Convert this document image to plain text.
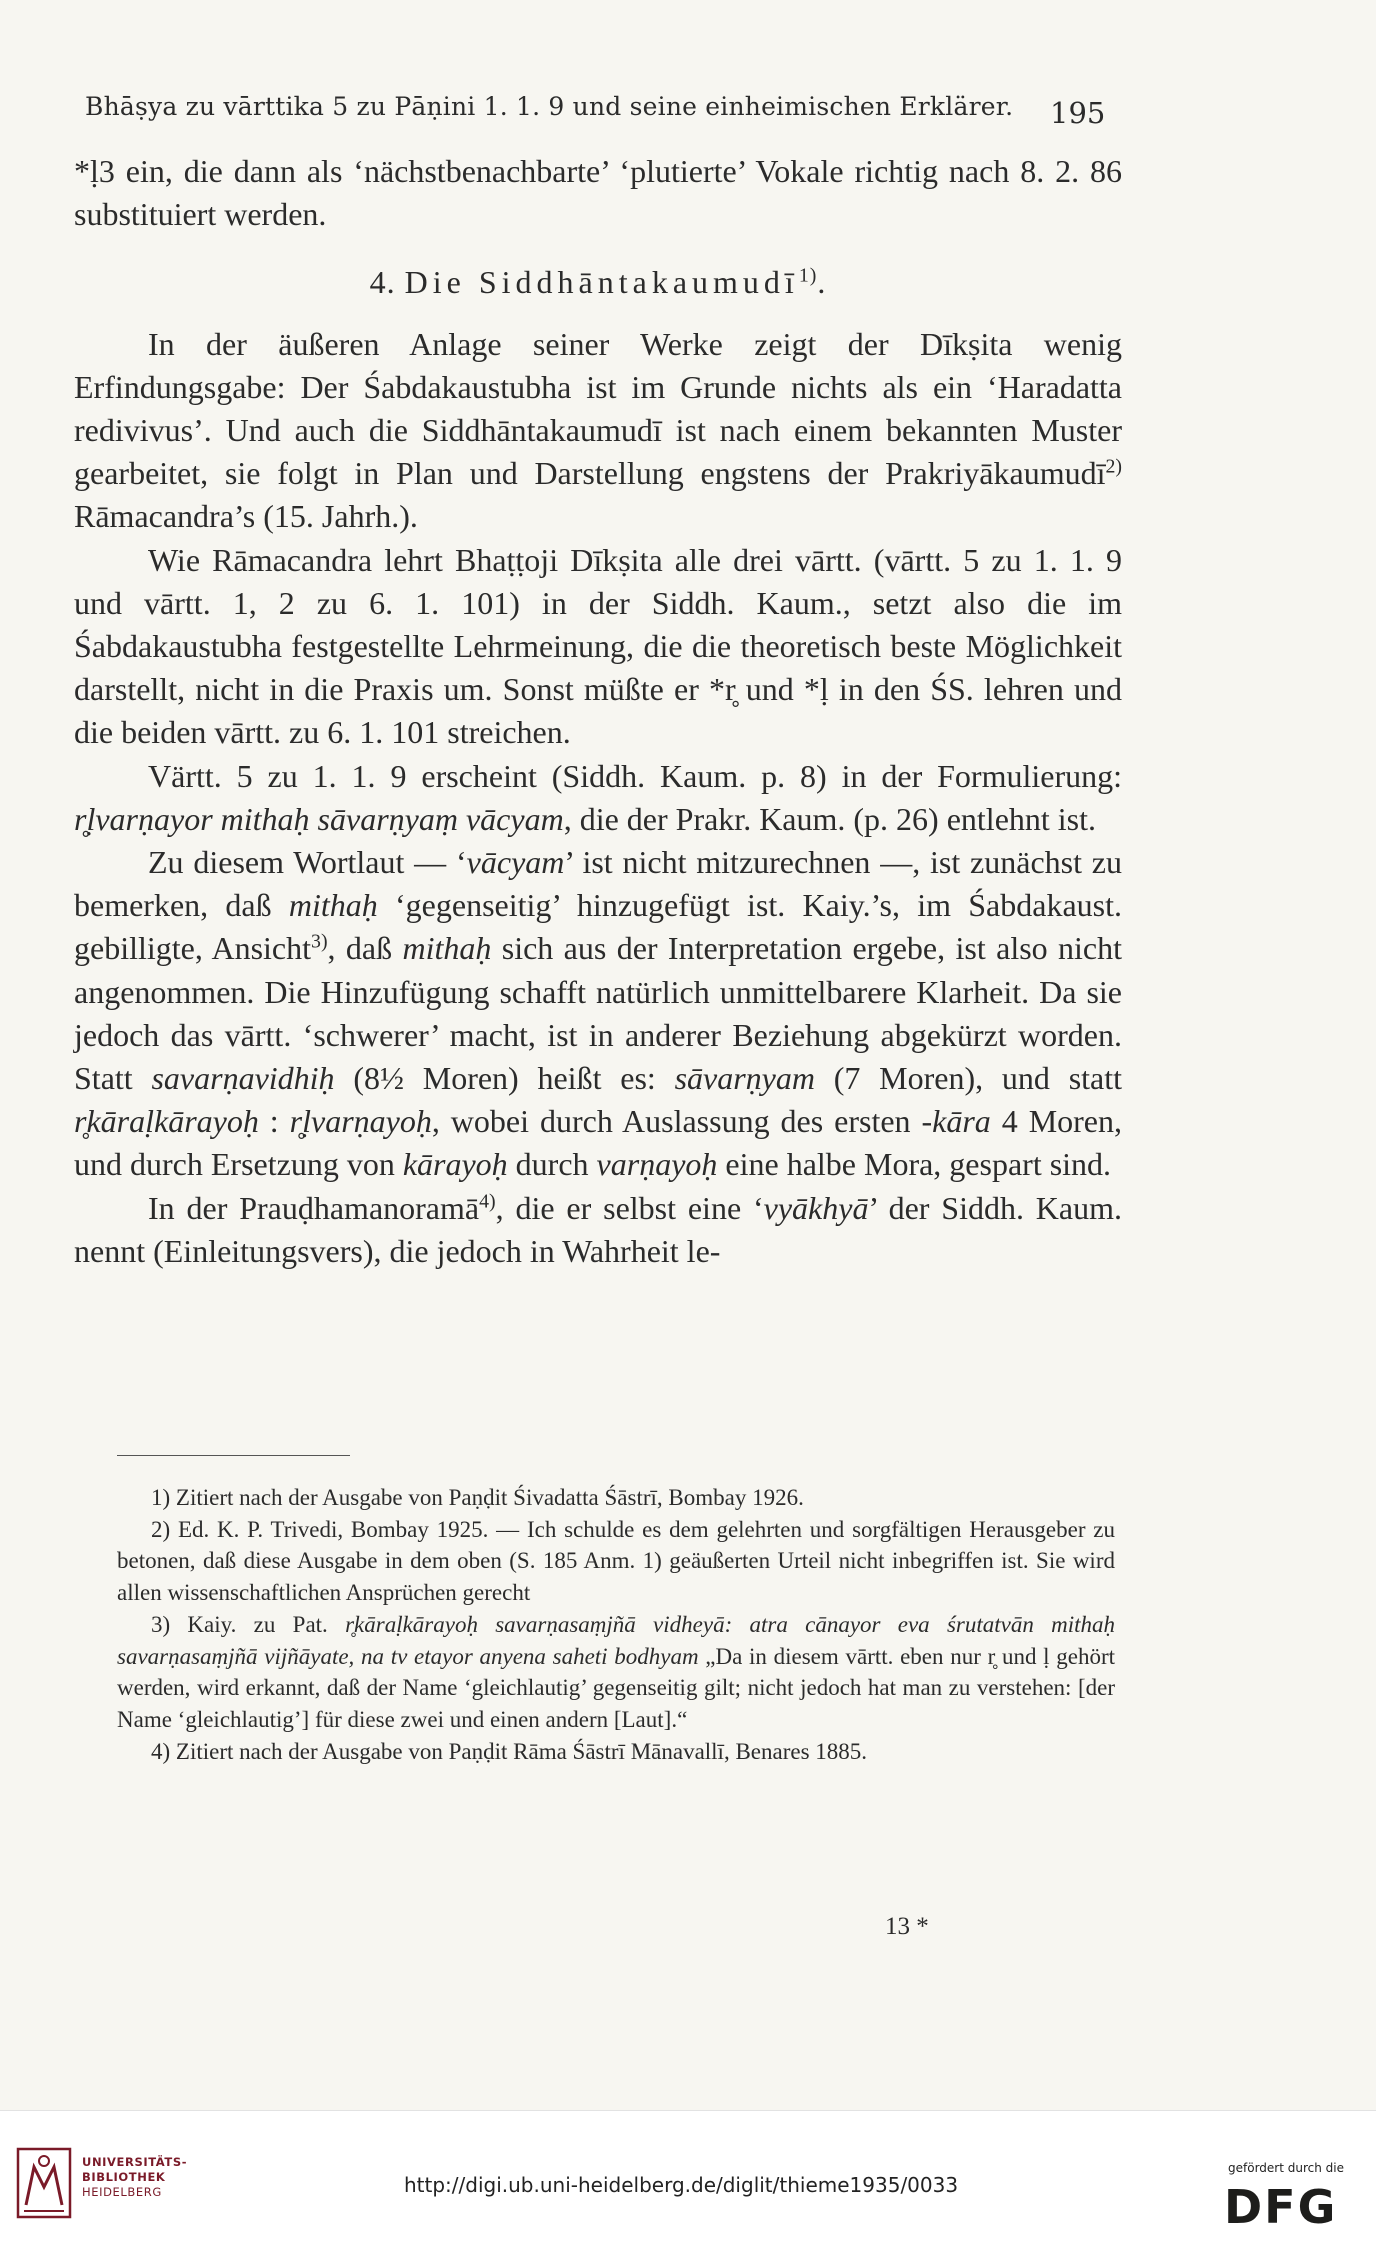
Bhāṣya zu vārttika 5 zu Pāṇini 1. 1. 9 und seine einheimischen Erklärer.	195

*ḷ3 ein, die dann als ‘nächstbenachbarte’ ‘plutierte’ Vokale richtig nach 8. 2. 86 substituiert werden.

4. Die Siddhāntakaumudī$^{1)}$.

In der äußeren Anlage seiner Werke zeigt der Dīkṣita wenig Erfindungsgabe: Der Śabdakaustubha ist im Grunde nichts als ein ‘Haradatta redivivus’. Und auch die Siddhāntakaumudī ist nach einem bekannten Muster gearbeitet, sie folgt in Plan und Darstellung engstens der Prakriyākaumudī$^{2)}$ Rāmacandra’s (15. Jahrh.).

Wie Rāmacandra lehrt Bhaṭṭoji Dīkṣita alle drei vārtt. (vārtt. 5 zu 1. 1. 9 und vārtt. 1, 2 zu 6. 1. 101) in der Siddh. Kaum., setzt also die im Śabdakaustubha festgestellte Lehrmeinung, die die theoretisch beste Möglichkeit darstellt, nicht in die Praxis um. Sonst müßte er *r̥ und *ḷ in den ŚS. lehren und die beiden vārtt. zu 6. 1. 101 streichen.

Värtt. 5 zu 1. 1. 9 erscheint (Siddh. Kaum. p. 8) in der Formulierung: r̥ḷvarṇayor mithaḥ sāvarṇyaṃ vācyam, die der Prakr. Kaum. (p. 26) entlehnt ist.

Zu diesem Wortlaut — ‘vācyam’ ist nicht mitzurechnen —, ist zunächst zu bemerken, daß mithaḥ ‘gegenseitig’ hinzugefügt ist. Kaiy.’s, im Śabdakaust. gebilligte, Ansicht$^{3)}$, daß mithaḥ sich aus der Interpretation ergebe, ist also nicht angenommen. Die Hinzufügung schafft natürlich unmittelbarere Klarheit. Da sie jedoch das vārtt. ‘schwerer’ macht, ist in anderer Beziehung abgekürzt worden. Statt savarṇavidhiḥ (8½ Moren) heißt es: sāvarṇyam (7 Moren), und statt r̥kāraḷkārayoḥ : r̥ḷvarṇayoḥ, wobei durch Auslassung des ersten -kāra 4 Moren, und durch Ersetzung von kārayoḥ durch varṇayoḥ eine halbe Mora, gespart sind.

In der Prauḍhamanoramā$^{4)}$, die er selbst eine ‘vyākhyā’ der Siddh. Kaum. nennt (Einleitungsvers), die jedoch in Wahrheit le-

1) Zitiert nach der Ausgabe von Paṇḍit Śivadatta Śāstrī, Bombay 1926.

2) Ed. K. P. Trivedi, Bombay 1925. — Ich schulde es dem gelehrten und sorgfältigen Herausgeber zu betonen, daß diese Ausgabe in dem oben (S. 185 Anm. 1) geäußerten Urteil nicht inbegriffen ist. Sie wird allen wissenschaftlichen Ansprüchen gerecht

3) Kaiy. zu Pat. r̥kāraḷkārayoḥ savarṇasaṃjñā vidheyā: atra cānayor eva śrutatvān mithaḥ savarṇasaṃjñā vijñāyate, na tv etayor anyena saheti bodhyam „Da in diesem vārtt. eben nur r̥ und ḷ gehört werden, wird erkannt, daß der Name ‘gleichlautig’ gegenseitig gilt; nicht jedoch hat man zu verstehen: [der Name ‘gleichlautig’] für diese zwei und einen andern [Laut].“

4) Zitiert nach der Ausgabe von Paṇḍit Rāma Śāstrī Mānavallī, Benares 1885.

13 *
UNIVERSITÄTS-
BIBLIOTHEK
HEIDELBERG	http://digi.ub.uni-heidelberg.de/diglit/thieme1935/0033
gefördert durch die
DFG
